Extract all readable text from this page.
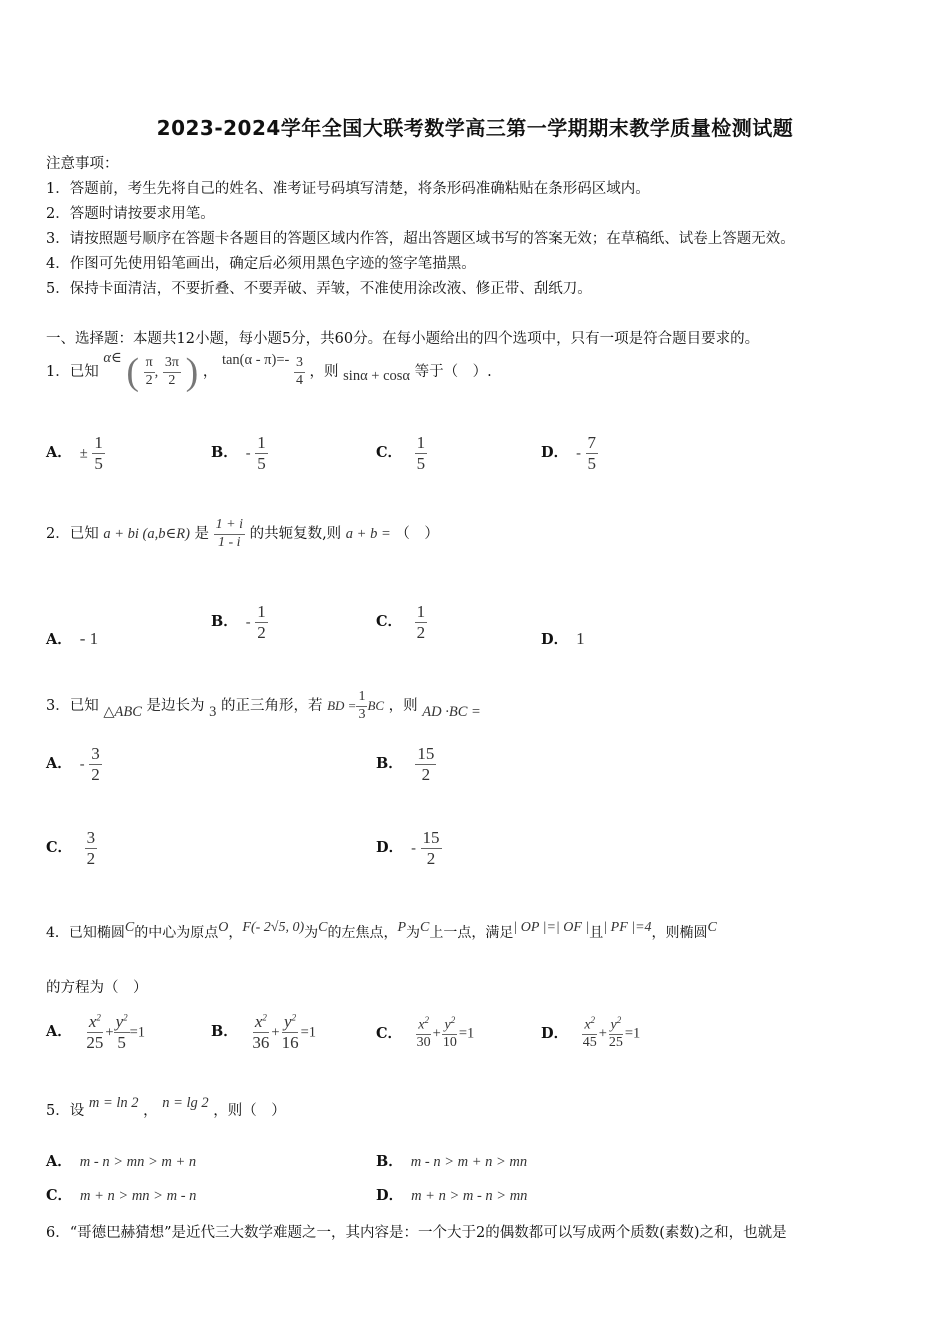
2023-2024学年全国大联考数学高三第一学期期末教学质量检测试题
注意事项：
1．答题前，考生先将自己的姓名、准考证号码填写清楚，将条形码准确粘贴在条形码区域内。
2．答题时请按要求用笔。
3．请按照题号顺序在答题卡各题目的答题区域内作答，超出答题区域书写的答案无效；在草稿纸、试卷上答题无效。
4．作图可先使用铅笔画出，确定后必须用黑色字迹的签字笔描黑。
5．保持卡面清洁，不要折叠、不要弄破、弄皱，不准使用涂改液、修正带、刮纸刀。
一、选择题：本题共12小题，每小题5分，共60分。在每小题给出的四个选项中，只有一项是符合题目要求的。
1．已知 α∈ ( $\frac{\pi}{2}$ , $\frac{3\pi}{2}$ ) ， $\tan(\alpha - \pi)=- \frac{3}{4}$ ，则 sinα + cosα 等于（　）.
A． ± $\frac{1}{5}$	B． - $\frac{1}{5}$	C． $\frac{1}{5}$	D． - $\frac{7}{5}$
2．已知 a + bi (a,b∈R) 是 $\frac{1 + i}{1 - i}$ 的共轭复数,则 a + b = （　）
A． - 1
B． - $\frac{1}{2}$	C． $\frac{1}{2}$	D． 1
3．已知 △ABC 是边长为 3 的正三角形，若 BD = $\frac{1}{3}$ BC ，则 AD ·BC =
A． - $\frac{3}{2}$	B． $\frac{15}{2}$
C． $\frac{3}{2}$	D． - $\frac{15}{2}$
4．已知椭圆C的中心为原点O，F(- 2√5, 0)为C的左焦点，P为C上一点，满足| OP |=| OF |且| PF |=4，则椭圆C
的方程为（　）
A． $\frac{x^2}{25} + \frac{y^2}{5} =1$	B． $\frac{x^2}{36} + \frac{y^2}{16} =1$	C． $\frac{x^2}{30} + \frac{y^2}{10} =1$	D． $\frac{x^2}{45} + \frac{y^2}{25} =1$
5．设 m = ln 2 ， n = lg 2 ，则（　）
A． m - n > mn > m + n	B． m - n > m + n > mn
C． m + n > mn > m - n	D． m + n > m - n > mn
6．“哥德巴赫猜想”是近代三大数学难题之一，其内容是：一个大于2的偶数都可以写成两个质数(素数)之和，也就是
